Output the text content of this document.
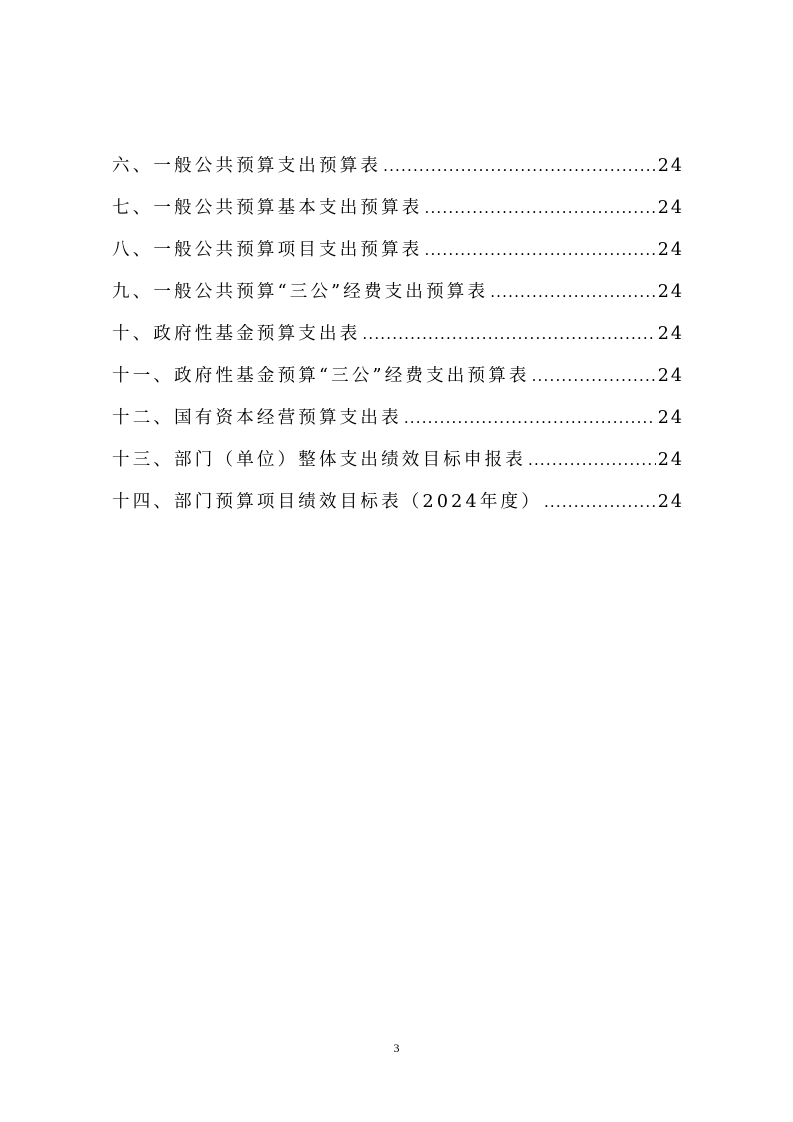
六、一般公共预算支出预算表 .....	24
七、一般公共预算基本支出预算表 .....	24
八、一般公共预算项目支出预算表 .....	24
九、一般公共预算“三公”经费支出预算表 .....	24
十、政府性基金预算支出表 .....	24
十一、政府性基金预算“三公”经费支出预算表 .....	24
十二、国有资本经营预算支出表 .....	24
十三、部门（单位）整体支出绩效目标申报表 .....	24
十四、部门预算项目绩效目标表（2024年度） .....	24
3
